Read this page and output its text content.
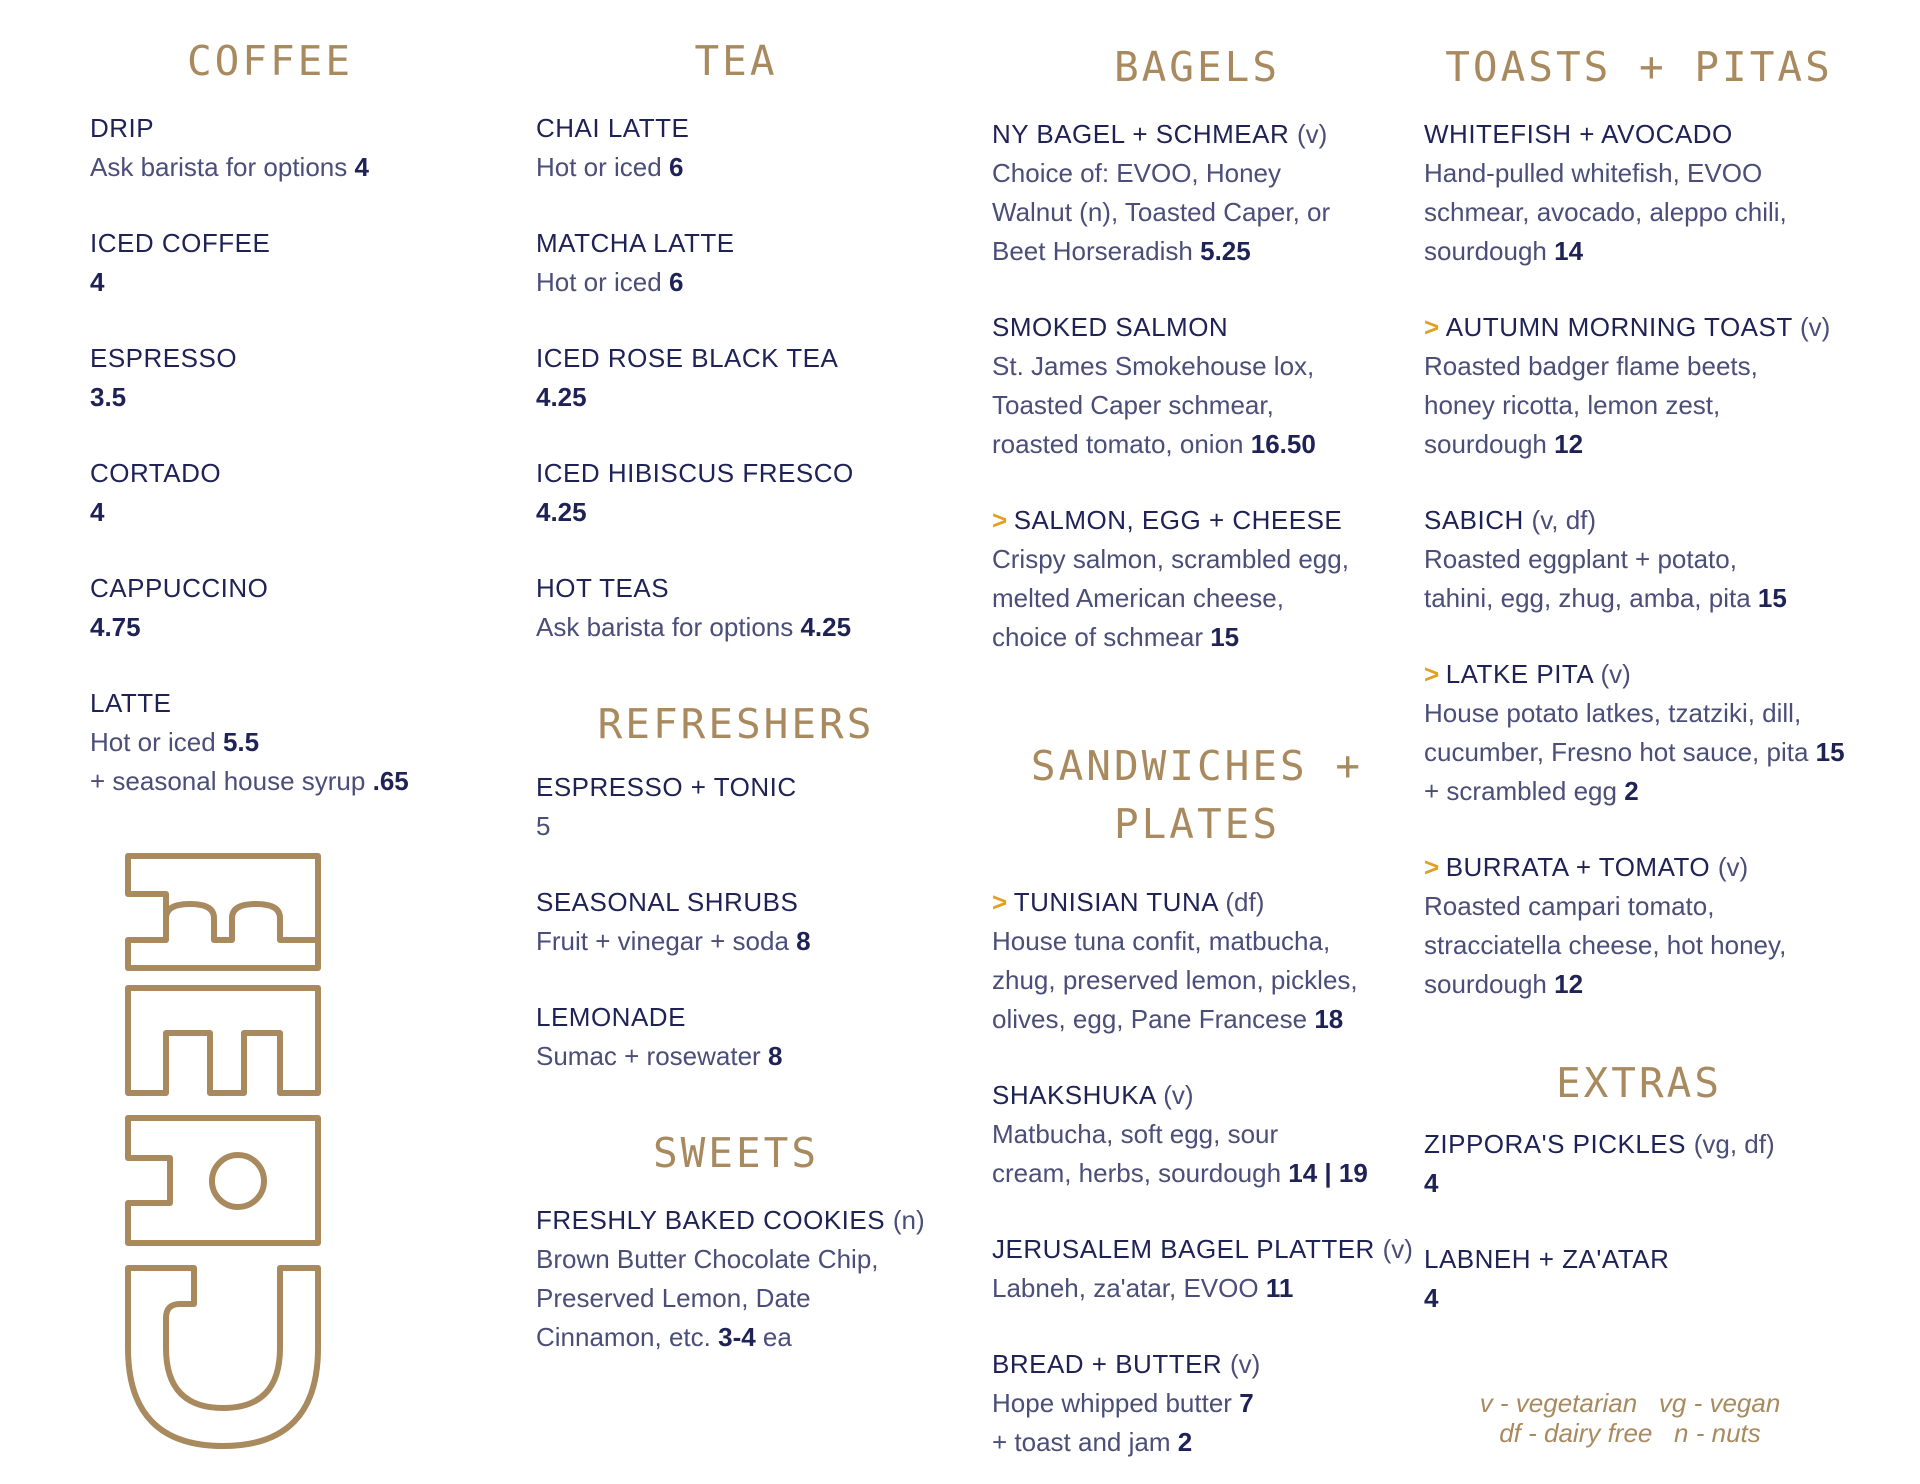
COFFEE
DRIP
Ask barista for options 4
ICED COFFEE
4
ESPRESSO
3.5
CORTADO
4
CAPPUCCINO
4.75
LATTE
Hot or iced 5.5
+ seasonal house syrup .65
TEA
CHAI LATTE
Hot or iced 6
MATCHA LATTE
Hot or iced 6
ICED ROSE BLACK TEA
4.25
ICED HIBISCUS FRESCO
4.25
HOT TEAS
Ask barista for options 4.25
REFRESHERS
ESPRESSO + TONIC
5
SEASONAL SHRUBS
Fruit + vinegar + soda 8
LEMONADE
Sumac + rosewater 8
SWEETS
FRESHLY BAKED COOKIES (n)
Brown Butter Chocolate Chip,
Preserved Lemon, Date
Cinnamon, etc. 3-4 ea
BAGELS
NY BAGEL + SCHMEAR (v)
Choice of: EVOO, Honey
Walnut (n), Toasted Caper, or
Beet Horseradish 5.25
SMOKED SALMON
St. James Smokehouse lox,
Toasted Caper schmear,
roasted tomato, onion 16.50
> SALMON, EGG + CHEESE
Crispy salmon, scrambled egg,
melted American cheese,
choice of schmear 15
SANDWICHES +
PLATES
> TUNISIAN TUNA (df)
House tuna confit, matbucha,
zhug, preserved lemon, pickles,
olives, egg, Pane Francese 18
SHAKSHUKA (v)
Matbucha, soft egg, sour
cream, herbs, sourdough 14 | 19
JERUSALEM BAGEL PLATTER (v)
Labneh, za'atar, EVOO 11
BREAD + BUTTER (v)
Hope whipped butter 7
+ toast and jam 2
TOASTS + PITAS
WHITEFISH + AVOCADO
Hand-pulled whitefish, EVOO
schmear, avocado, aleppo chili,
sourdough 14
> AUTUMN MORNING TOAST (v)
Roasted badger flame beets,
honey ricotta, lemon zest,
sourdough 12
SABICH (v, df)
Roasted eggplant + potato,
tahini, egg, zhug, amba, pita 15
> LATKE PITA (v)
House potato latkes, tzatziki, dill,
cucumber, Fresno hot sauce, pita 15
+ scrambled egg 2
> BURRATA + TOMATO (v)
Roasted campari tomato,
stracciatella cheese, hot honey,
sourdough 12
EXTRAS
ZIPPORA'S PICKLES (vg, df)
4
LABNEH + ZA'ATAR
4
v - vegetarian   vg - vegan
df - dairy free   n - nuts
